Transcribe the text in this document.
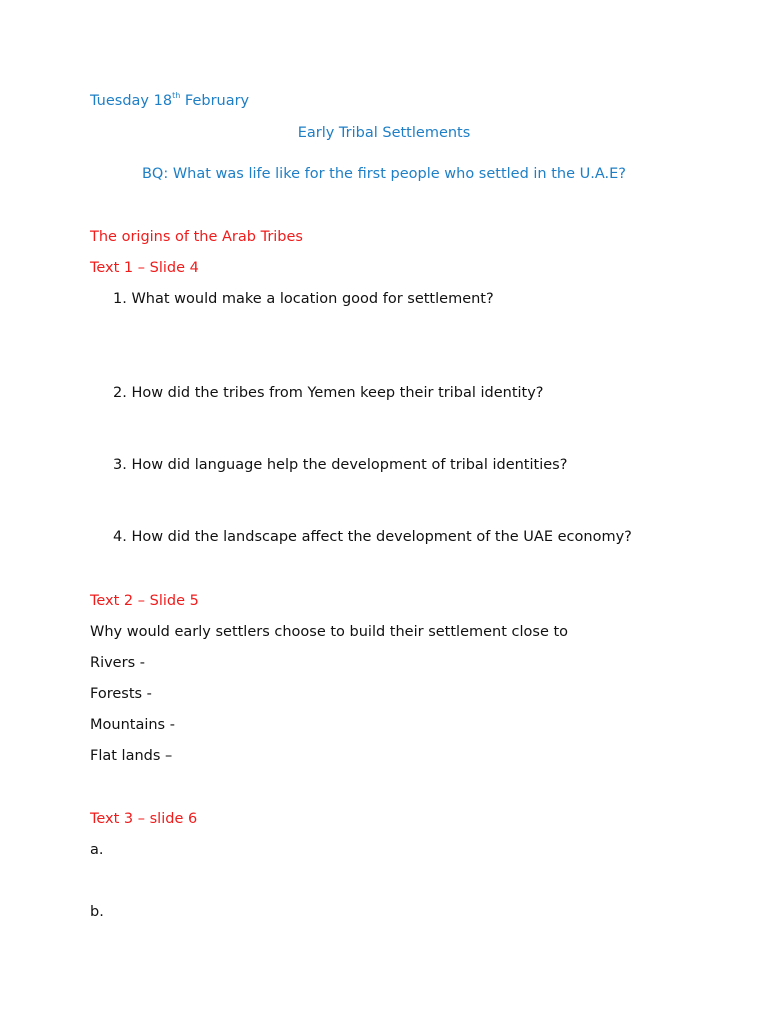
Tuesday 18th February
Early Tribal Settlements
BQ: What was life like for the first people who settled in the U.A.E?
The origins of the Arab Tribes
Text 1 – Slide 4
1. What would make a location good for settlement?
2. How did the tribes from Yemen keep their tribal identity?
3. How did language help the development of tribal identities?
4. How did the landscape affect the development of the UAE economy?
Text 2 – Slide 5
Why would early settlers choose to build their settlement close to
Rivers -
Forests -
Mountains -
Flat lands –
Text 3 – slide 6
a.
b.
